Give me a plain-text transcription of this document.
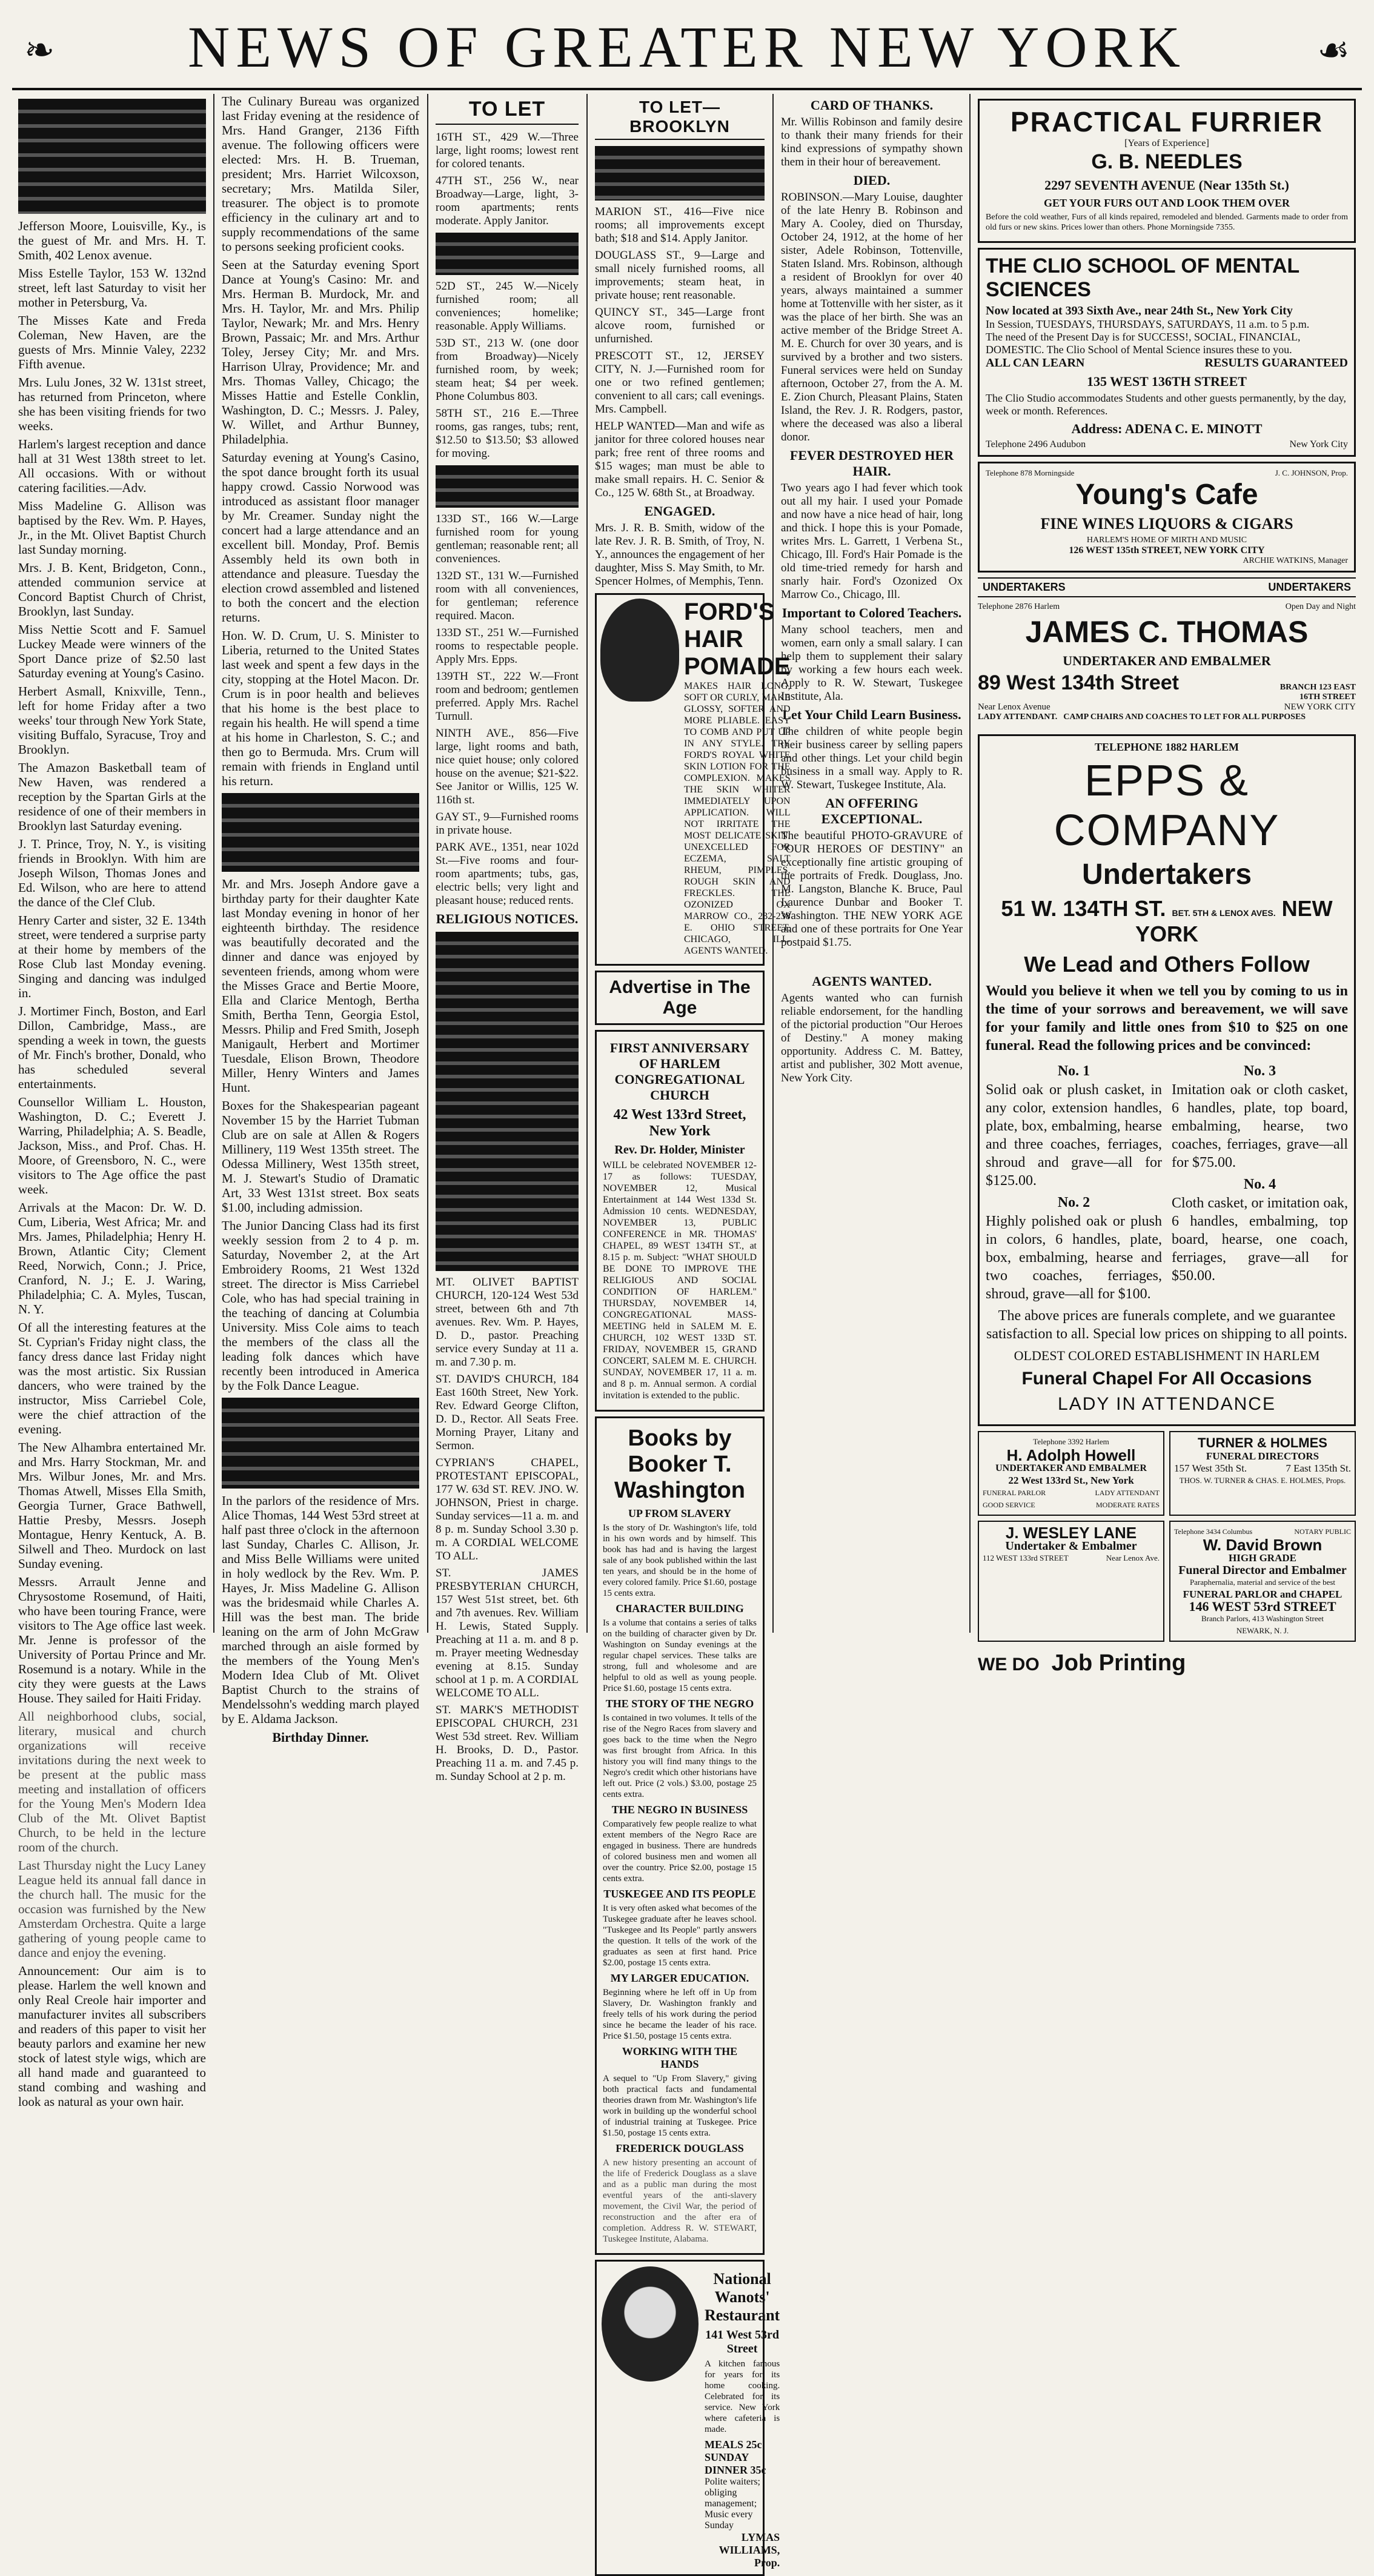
❧ NEWS OF GREATER NEW YORK	☙

Jefferson Moore, Louisville, Ky., is the guest of Mr. and Mrs. H. T. Smith, 402 Lenox avenue.

Miss Estelle Taylor, 153 W. 132nd street, left last Saturday to visit her mother in Petersburg, Va.

The Misses Kate and Freda Coleman, New Haven, are the guests of Mrs. Minnie Valey, 2232 Fifth avenue.

Mrs. Lulu Jones, 32 W. 131st street, has returned from Princeton, where she has been visiting friends for two weeks.

Harlem's largest reception and dance hall at 31 West 138th street to let. All occasions. With or without catering facilities.—Adv.

Miss Madeline G. Allison was baptised by the Rev. Wm. P. Hayes, Jr., in the Mt. Olivet Baptist Church last Sunday morning.

Mrs. J. B. Kent, Bridgeton, Conn., attended communion service at Concord Baptist Church of Christ, Brooklyn, last Sunday.

Miss Nettie Scott and F. Samuel Luckey Meade were winners of the Sport Dance prize of $2.50 last Saturday evening at Young's Casino.

Herbert Asmall, Knixville, Tenn., left for home Friday after a two weeks' tour through New York State, visiting Buffalo, Syracuse, Troy and Brooklyn.

The Amazon Basketball team of New Haven, was rendered a reception by the Spartan Girls at the residence of one of their members in Brooklyn last Saturday evening.

J. T. Prince, Troy, N. Y., is visiting friends in Brooklyn. With him are Joseph Wilson, Thomas Jones and Ed. Wilson, who are here to attend the dance of the Clef Club.

Henry Carter and sister, 32 E. 134th street, were tendered a surprise party at their home by members of the Rose Club last Monday evening. Singing and dancing was indulged in.

J. Mortimer Finch, Boston, and Earl Dillon, Cambridge, Mass., are spending a week in town, the guests of Mr. Finch's brother, Donald, who has scheduled several entertainments.

Counsellor William L. Houston, Washington, D. C.; Everett J. Warring, Philadelphia; A. S. Beadle, Jackson, Miss., and Prof. Chas. H. Moore, of Greensboro, N. C., were visitors to The Age office the past week.

Arrivals at the Macon: Dr. W. D. Cum, Liberia, West Africa; Mr. and Mrs. James, Philadelphia; Henry H. Brown, Atlantic City; Clement Reed, Norwich, Conn.; J. Price, Cranford, N. J.; E. J. Waring, Philadelphia; C. A. Myles, Tuscan, N. Y.

Of all the interesting features at the St. Cyprian's Friday night class, the fancy dress dance last Friday night was the most artistic. Six Russian dancers, who were trained by the instructor, Miss Carriebel Cole, were the chief attraction of the evening.

The New Alhambra entertained Mr. and Mrs. Harry Stockman, Mr. and Mrs. Wilbur Jones, Mr. and Mrs. Thomas Atwell, Misses Ella Smith, Georgia Turner, Grace Bathwell, Hattie Presby, Messrs. Joseph Montague, Henry Kentuck, A. B. Silwell and Theo. Murdock on last Sunday evening.

Messrs. Arrault Jenne and Chrysostome Rosemund, of Haiti, who have been touring France, were visitors to The Age office last week. Mr. Jenne is professor of the University of Portau Prince and Mr. Rosemund is a notary. While in the city they were guests at the Laws House. They sailed for Haiti Friday.

All neighborhood clubs, social, literary, musical and church organizations will receive invitations during the next week to be present at the public mass meeting and installation of officers for the Young Men's Modern Idea Club of the Mt. Olivet Baptist Church, to be held in the lecture room of the church.

Last Thursday night the Lucy Laney League held its annual fall dance in the church hall. The music for the occasion was furnished by the New Amsterdam Orchestra. Quite a large gathering of young people came to dance and enjoy the evening.

Announcement: Our aim is to please. Harlem the well known and only Real Creole hair importer and manufacturer invites all subscribers and readers of this paper to visit her beauty parlors and examine her new stock of latest style wigs, which are all hand made and guaranteed to stand combing and washing and look as natural as your own hair.

The Culinary Bureau was organized last Friday evening at the residence of Mrs. Hand Granger, 2136 Fifth avenue. The following officers were elected: Mrs. H. B. Trueman, president; Mrs. Harriet Wilcoxson, secretary; Mrs. Matilda Siler, treasurer. The object is to promote efficiency in the culinary art and to supply recommendations of the same to persons seeking proficient cooks.

Seen at the Saturday evening Sport Dance at Young's Casino: Mr. and Mrs. Herman B. Murdock, Mr. and Mrs. H. Taylor, Mr. and Mrs. Philip Taylor, Newark; Mr. and Mrs. Henry Brown, Passaic; Mr. and Mrs. Arthur Toley, Jersey City; Mr. and Mrs. Harrison Ulray, Providence; Mr. and Mrs. Thomas Valley, Chicago; the Misses Hattie and Estelle Conklin, Washington, D. C.; Messrs. J. Paley, W. Willet, and Arthur Bunney, Philadelphia.

Saturday evening at Young's Casino, the spot dance brought forth its usual happy crowd. Cassio Norwood was introduced as assistant floor manager by Mr. Creamer. Sunday night the concert had a large attendance and an excellent bill. Monday, Prof. Bemis Assembly held its own both in attendance and pleasure. Tuesday the election crowd assembled and listened to both the concert and the election returns.

Hon. W. D. Crum, U. S. Minister to Liberia, returned to the United States last week and spent a few days in the city, stopping at the Hotel Macon. Dr. Crum is in poor health and believes that his home is the best place to regain his health. He will spend a time at his home in Charleston, S. C.; and then go to Bermuda. Mrs. Crum will remain with friends in England until his return.

Mr. and Mrs. Joseph Andore gave a birthday party for their daughter Kate last Monday evening in honor of her eighteenth birthday. The residence was beautifully decorated and the dinner and dance was enjoyed by seventeen friends, among whom were the Misses Grace and Bertie Moore, Ella and Clarice Mentogh, Bertha Smith, Bertha Tenn, Georgia Estol, Messrs. Philip and Fred Smith, Joseph Manigault, Herbert and Mortimer Tuesdale, Elison Brown, Theodore Miller, Henry Winters and James Hunt.

Boxes for the Shakespearian pageant November 15 by the Harriet Tubman Club are on sale at Allen & Rogers Millinery, 119 West 135th street. The Odessa Millinery, West 135th street, M. J. Stewart's Studio of Dramatic Art, 33 West 131st street. Box seats $1.00, including admission.

The Junior Dancing Class had its first weekly session from 2 to 4 p. m. Saturday, November 2, at the Art Embroidery Rooms, 21 West 132d street. The director is Miss Carriebel Cole, who has had special training in the teaching of dancing at Columbia University. Miss Cole aims to teach the members of the class all the leading folk dances which have recently been introduced in America by the Folk Dance League.

In the parlors of the residence of Mrs. Alice Thomas, 144 West 53rd street at half past three o'clock in the afternoon last Sunday, Charles C. Allison, Jr. and Miss Belle Williams were united in holy wedlock by the Rev. Wm. P. Hayes, Jr. Miss Madeline G. Allison was the bridesmaid while Charles A. Hill was the best man. The bride leaning on the arm of John McGraw marched through an aisle formed by the members of the Young Men's Modern Idea Club of Mt. Olivet Baptist Church to the strains of Mendelssohn's wedding march played by E. Aldama Jackson.

Birthday Dinner.
TO LET

16TH ST., 429 W.—Three large, light rooms; lowest rent for colored tenants.

47TH ST., 256 W., near Broadway—Large, light, 3-room apartments; rents moderate. Apply Janitor.

52D ST., 245 W.—Nicely furnished room; all conveniences; homelike; reasonable. Apply Williams.

53D ST., 213 W. (one door from Broadway)—Nicely furnished room, by week; steam heat; $4 per week. Phone Columbus 803.

58TH ST., 216 E.—Three rooms, gas ranges, tubs; rent, $12.50 to $13.50; $3 allowed for moving.

133D ST., 166 W.—Large furnished room for young gentleman; reasonable rent; all conveniences.

132D ST., 131 W.—Furnished room with all conveniences, for gentleman; reference required. Macon.

133D ST., 251 W.—Furnished rooms to respectable people. Apply Mrs. Epps.

139TH ST., 222 W.—Front room and bedroom; gentlemen preferred. Apply Mrs. Rachel Turnull.

NINTH AVE., 856—Five large, light rooms and bath, nice quiet house; only colored house on the avenue; $21-$22. See Janitor or Willis, 125 W. 116th st.

GAY ST., 9—Furnished rooms in private house.

PARK AVE., 1351, near 102d St.—Five rooms and four-room apartments; tubs, gas, electric bells; very light and pleasant house; reduced rents.

RELIGIOUS NOTICES.

MT. OLIVET BAPTIST CHURCH, 120-124 West 53d street, between 6th and 7th avenues. Rev. Wm. P. Hayes, D. D., pastor. Preaching service every Sunday at 11 a. m. and 7.30 p. m.

ST. DAVID'S CHURCH, 184 East 160th Street, New York. Rev. Edward George Clifton, D. D., Rector. All Seats Free. Morning Prayer, Litany and Sermon.

CYPRIAN'S CHAPEL, PROTESTANT EPISCOPAL, 177 W. 63d ST. REV. JNO. W. JOHNSON, Priest in charge. Sunday services—11 a. m. and 8 p. m. Sunday School 3.30 p. m. A CORDIAL WELCOME TO ALL.

ST. JAMES PRESBYTERIAN CHURCH, 157 West 51st street, bet. 6th and 7th avenues. Rev. William H. Lewis, Stated Supply. Preaching at 11 a. m. and 8 p. m. Prayer meeting Wednesday evening at 8.15. Sunday school at 1 p. m. A CORDIAL WELCOME TO ALL.

ST. MARK'S METHODIST EPISCOPAL CHURCH, 231 West 53d street. Rev. William H. Brooks, D. D., Pastor. Preaching 11 a. m. and 7.45 p. m. Sunday School at 2 p. m.

TO LET—BROOKLYN

MARION ST., 416—Five nice rooms; all improvements except bath; $18 and $14. Apply Janitor.

DOUGLASS ST., 9—Large and small nicely furnished rooms, all improvements; steam heat, in private house; rent reasonable.

QUINCY ST., 345—Large front alcove room, furnished or unfurnished.

PRESCOTT ST., 12, JERSEY CITY, N. J.—Furnished room for one or two refined gentlemen; convenient to all cars; call evenings. Mrs. Campbell.

HELP WANTED—Man and wife as janitor for three colored houses near park; free rent of three rooms and $15 wages; man must be able to make small repairs. H. C. Senior & Co., 125 W. 68th St., at Broadway.

ENGAGED.

Mrs. J. R. B. Smith, widow of the late Rev. J. R. B. Smith, of Troy, N. Y., announces the engagement of her daughter, Miss S. May Smith, to Mr. Spencer Holmes, of Memphis, Tenn.

FORD'S HAIR POMADE

MAKES HAIR LONG, SOFT OR CURLY, MAKE GLOSSY, SOFTER AND MORE PLIABLE. EASY TO COMB AND PUT UP IN ANY STYLE. TRY FORD'S ROYAL WHITE SKIN LOTION FOR THE COMPLEXION. MAKES THE SKIN WHITER IMMEDIATELY UPON APPLICATION. WILL NOT IRRITATE THE MOST DELICATE SKIN. UNEXCELLED FOR ECZEMA, SALT RHEUM, PIMPLES, ROUGH SKIN AND FRECKLES. THE OZONIZED OX MARROW CO., 232-238 E. OHIO STREET, CHICAGO, ILL. AGENTS WANTED.

Advertise in The Age
FIRST ANNIVERSARY OF HARLEM CONGREGATIONAL CHURCH
42 West 133rd Street, New York
Rev. Dr. Holder, Minister

WILL be celebrated NOVEMBER 12-17 as follows: TUESDAY, NOVEMBER 12, Musical Entertainment at 144 West 133d St. Admission 10 cents. WEDNESDAY, NOVEMBER 13, PUBLIC CONFERENCE in MR. THOMAS' CHAPEL, 89 WEST 134TH ST., at 8.15 p. m. Subject: "WHAT SHOULD BE DONE TO IMPROVE THE RELIGIOUS AND SOCIAL CONDITION OF HARLEM." THURSDAY, NOVEMBER 14, CONGREGATIONAL MASS-MEETING held in SALEM M. E. CHURCH, 102 WEST 133D ST. FRIDAY, NOVEMBER 15, GRAND CONCERT, SALEM M. E. CHURCH. SUNDAY, NOVEMBER 17, 11 a. m. and 8 p. m. Annual sermon. A cordial invitation is extended to the public.

Books by Booker T. Washington
UP FROM SLAVERY

Is the story of Dr. Washington's life, told in his own words and by himself. This book has had and is having the largest sale of any book published within the last ten years, and should be in the home of every colored family. Price $1.60, postage 15 cents extra.

CHARACTER BUILDING

Is a volume that contains a series of talks on the building of character given by Dr. Washington on Sunday evenings at the regular chapel services. These talks are strong, full and wholesome and are helpful to old as well as young people. Price $1.60, postage 15 cents extra.

THE STORY OF THE NEGRO

Is contained in two volumes. It tells of the rise of the Negro Races from slavery and goes back to the time when the Negro was first brought from Africa. In this history you will find many things to the Negro's credit which other historians have left out. Price (2 vols.) $3.00, postage 25 cents extra.

THE NEGRO IN BUSINESS

Comparatively few people realize to what extent members of the Negro Race are engaged in business. There are hundreds of colored business men and women all over the country. Price $2.00, postage 15 cents extra.

TUSKEGEE AND ITS PEOPLE

It is very often asked what becomes of the Tuskegee graduate after he leaves school. "Tuskegee and Its People" partly answers the question. It tells of the work of the graduates as seen at first hand. Price $2.00, postage 15 cents extra.

MY LARGER EDUCATION.

Beginning where he left off in Up from Slavery, Dr. Washington frankly and freely tells of his work during the period since he became the leader of his race. Price $1.50, postage 15 cents extra.

WORKING WITH THE HANDS

A sequel to "Up From Slavery," giving both practical facts and fundamental theories drawn from Mr. Washington's life work in building up the wonderful school of industrial training at Tuskegee. Price $1.50, postage 15 cents extra.

FREDERICK DOUGLASS

A new history presenting an account of the life of Frederick Douglass as a slave and as a public man during the most eventful years of the anti-slavery movement, the Civil War, the period of reconstruction and the after era of completion. Address R. W. STEWART, Tuskegee Institute, Alabama.

National Wanots' Restaurant
141 West 53rd Street

A kitchen famous for years for its home cooking. Celebrated for its service. New York where cafeteria is made.

MEALS 25c
SUNDAY DINNER 35c
Polite waiters; obliging management; Music every Sunday
LYMAS WILLIAMS, Prop.
CARD OF THANKS.

Mr. Willis Robinson and family desire to thank their many friends for their kind expressions of sympathy shown them in their hour of bereavement.

DIED.

ROBINSON.—Mary Louise, daughter of the late Henry B. Robinson and Mary A. Cooley, died on Thursday, October 24, 1912, at the home of her sister, Adele Robinson, Tottenville, Staten Island. Mrs. Robinson, although a resident of Brooklyn for over 40 years, always maintained a summer home at Tottenville with her sister, as it was the place of her birth. She was an active member of the Bridge Street A. M. E. Church for over 30 years, and is survived by a brother and two sisters. Funeral services were held on Sunday afternoon, October 27, from the A. M. E. Zion Church, Pleasant Plains, Staten Island, the Rev. J. R. Rodgers, pastor, where the deceased was also a liberal donor.

FEVER DESTROYED HER HAIR.

Two years ago I had fever which took out all my hair. I used your Pomade and now have a nice head of hair, long and thick. I hope this is your Pomade, writes Mrs. L. Garrett, 1 Verbena St., Chicago, Ill. Ford's Hair Pomade is the old time-tried remedy for harsh and snarly hair. Ford's Ozonized Ox Marrow Co., Chicago, Ill.

Important to Colored Teachers.

Many school teachers, men and women, earn only a small salary. I can help them to supplement their salary by working a few hours each week. Apply to R. W. Stewart, Tuskegee Institute, Ala.

Let Your Child Learn Business.

The children of white people begin their business career by selling papers and other things. Let your child begin business in a small way. Apply to R. W. Stewart, Tuskegee Institute, Ala.

AN OFFERING EXCEPTIONAL.

The beautiful PHOTO-GRAVURE of "OUR HEROES OF DESTINY" an exceptionally fine artistic grouping of the portraits of Fredk. Douglass, Jno. M. Langston, Blanche K. Bruce, Paul Laurence Dunbar and Booker T. Washington. THE NEW YORK AGE and one of these portraits for One Year postpaid $1.75.

AGENTS WANTED.

Agents wanted who can furnish reliable endorsement, for the handling of the pictorial production "Our Heroes of Destiny." A money making opportunity. Address C. M. Battey, artist and publisher, 302 Mott avenue, New York City.

PRACTICAL FURRIER
[Years of Experience]
G. B. NEEDLES
2297 SEVENTH AVENUE (Near 135th St.)
GET YOUR FURS OUT AND LOOK THEM OVER

Before the cold weather, Furs of all kinds repaired, remodeled and blended. Garments made to order from old furs or new skins. Prices lower than others. Phone Morningside 7355.

THE CLIO SCHOOL OF MENTAL SCIENCES
Now located at 393 Sixth Ave., near 24th St., New York City
In Session, TUESDAYS, THURSDAYS, SATURDAYS, 11 a.m. to 5 p.m.
The need of the Present Day is for SUCCESS!, SOCIAL, FINANCIAL, DOMESTIC. The Clio School of Mental Science insures these to you.
ALL CAN LEARN	RESULTS GUARANTEED
135 WEST 136TH STREET
The Clio Studio accommodates Students and other guests permanently, by the day, week or month. References.
Address: ADENA C. E. MINOTT
Telephone 2496 Audubon	New York City
Telephone 878 Morningside	J. C. JOHNSON, Prop.
Young's Cafe
FINE WINES LIQUORS & CIGARS
HARLEM'S HOME OF MIRTH AND MUSIC
126 WEST 135th STREET, NEW YORK CITY
ARCHIE WATKINS, Manager
UNDERTAKERS	UNDERTAKERS
Telephone 2876 Harlem	Open Day and Night
JAMES C. THOMAS
UNDERTAKER AND EMBALMER
89 West 134th Street	BRANCH 123 EAST 16TH STREET
Near Lenox Avenue	NEW YORK CITY
LADY ATTENDANT. CAMP CHAIRS AND COACHES TO LET FOR ALL PURPOSES
TELEPHONE 1882 HARLEM
EPPS & COMPANY
Undertakers
51 W. 134TH ST. BET. 5TH & LENOX AVES. NEW YORK
We Lead and Others Follow

Would you believe it when we tell you by coming to us in the time of your sorrows and bereavement, we will save for your family and little ones from $10 to $25 on one funeral. Read the following prices and be convinced:

No. 1

Solid oak or plush casket, in any color, extension handles, plate, box, embalming, hearse and three coaches, ferriages, shroud and grave—all for $125.00.

No. 2

Highly polished oak or plush in colors, 6 handles, plate, box, embalming, hearse and two coaches, ferriages, shroud, grave—all for $100.

No. 3

Imitation oak or cloth casket, 6 handles, plate, top board, embalming, hearse, two coaches, ferriages, grave—all for $75.00.

No. 4

Cloth casket, or imitation oak, 6 handles, embalming, top board, hearse, one coach, ferriages, grave—all for $50.00.

The above prices are funerals complete, and we guarantee satisfaction to all. Special low prices on shipping to all points.

OLDEST COLORED ESTABLISHMENT IN HARLEM
Funeral Chapel For All Occasions
LADY IN ATTENDANCE
Telephone 3392 Harlem
H. Adolph Howell
UNDERTAKER AND EMBALMER
22 West 133rd St., New York
FUNERAL PARLOR	LADY ATTENDANT
GOOD SERVICE	MODERATE RATES
TURNER & HOLMES
FUNERAL DIRECTORS
157 West 35th St.	7 East 135th St.
THOS. W. TURNER & CHAS. E. HOLMES, Props.
J. WESLEY LANE
Undertaker & Embalmer
112 WEST 133rd STREET	Near Lenox Ave.
Telephone 3434 Columbus	NOTARY PUBLIC
W. David Brown
HIGH GRADE
Funeral Director and Embalmer
Paraphernalia, material and service of the best
FUNERAL PARLOR and CHAPEL
146 WEST 53rd STREET
Branch Parlors, 413 Washington Street
NEWARK, N. J.
WE DO Job Printing
